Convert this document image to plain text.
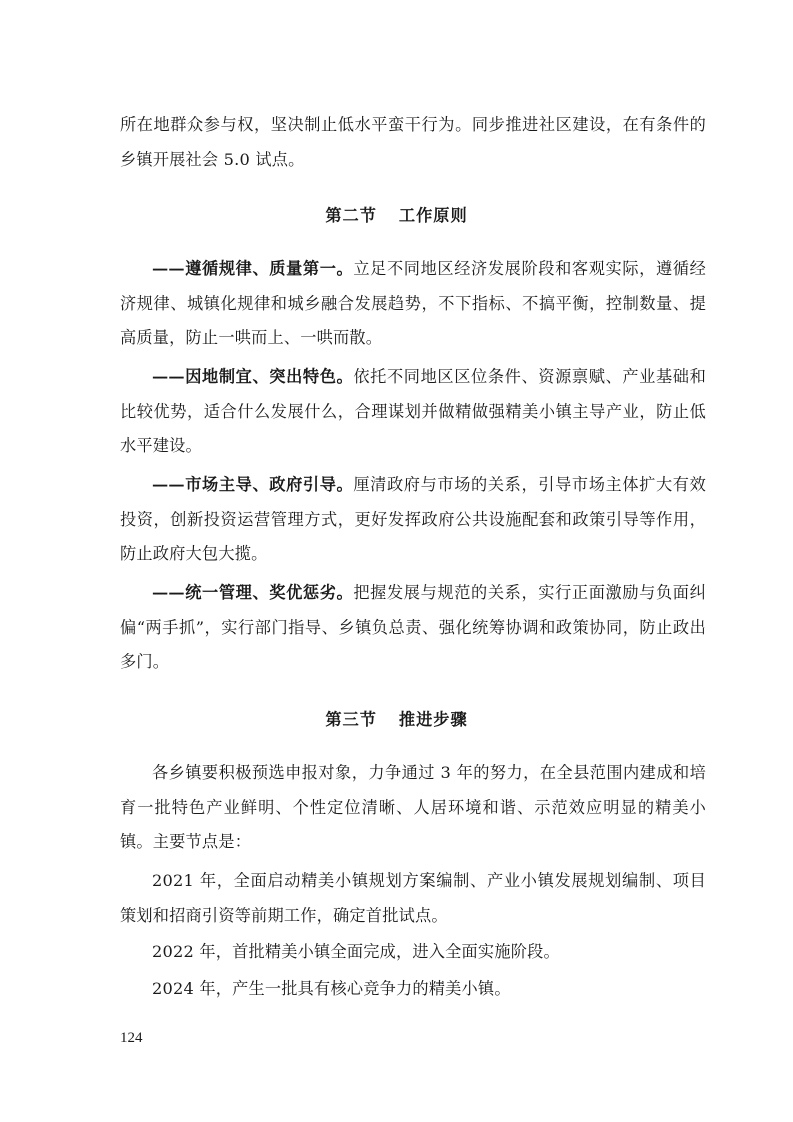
所在地群众参与权，坚决制止低水平蛮干行为。同步推进社区建设，在有条件的乡镇开展社会 5.0 试点。

第二节 工作原则

——遵循规律、质量第一。立足不同地区经济发展阶段和客观实际，遵循经济规律、城镇化规律和城乡融合发展趋势，不下指标、不搞平衡，控制数量、提高质量，防止一哄而上、一哄而散。

——因地制宜、突出特色。依托不同地区区位条件、资源禀赋、产业基础和比较优势，适合什么发展什么，合理谋划并做精做强精美小镇主导产业，防止低水平建设。

——市场主导、政府引导。厘清政府与市场的关系，引导市场主体扩大有效投资，创新投资运营管理方式，更好发挥政府公共设施配套和政策引导等作用，防止政府大包大揽。

——统一管理、奖优惩劣。把握发展与规范的关系，实行正面激励与负面纠偏“两手抓”，实行部门指导、乡镇负总责、强化统筹协调和政策协同，防止政出多门。

第三节 推进步骤

各乡镇要积极预选申报对象，力争通过 3 年的努力，在全县范围内建成和培育一批特色产业鲜明、个性定位清晰、人居环境和谐、示范效应明显的精美小镇。主要节点是：

2021 年，全面启动精美小镇规划方案编制、产业小镇发展规划编制、项目策划和招商引资等前期工作，确定首批试点。

2022 年，首批精美小镇全面完成，进入全面实施阶段。

2024 年，产生一批具有核心竞争力的精美小镇。

124
